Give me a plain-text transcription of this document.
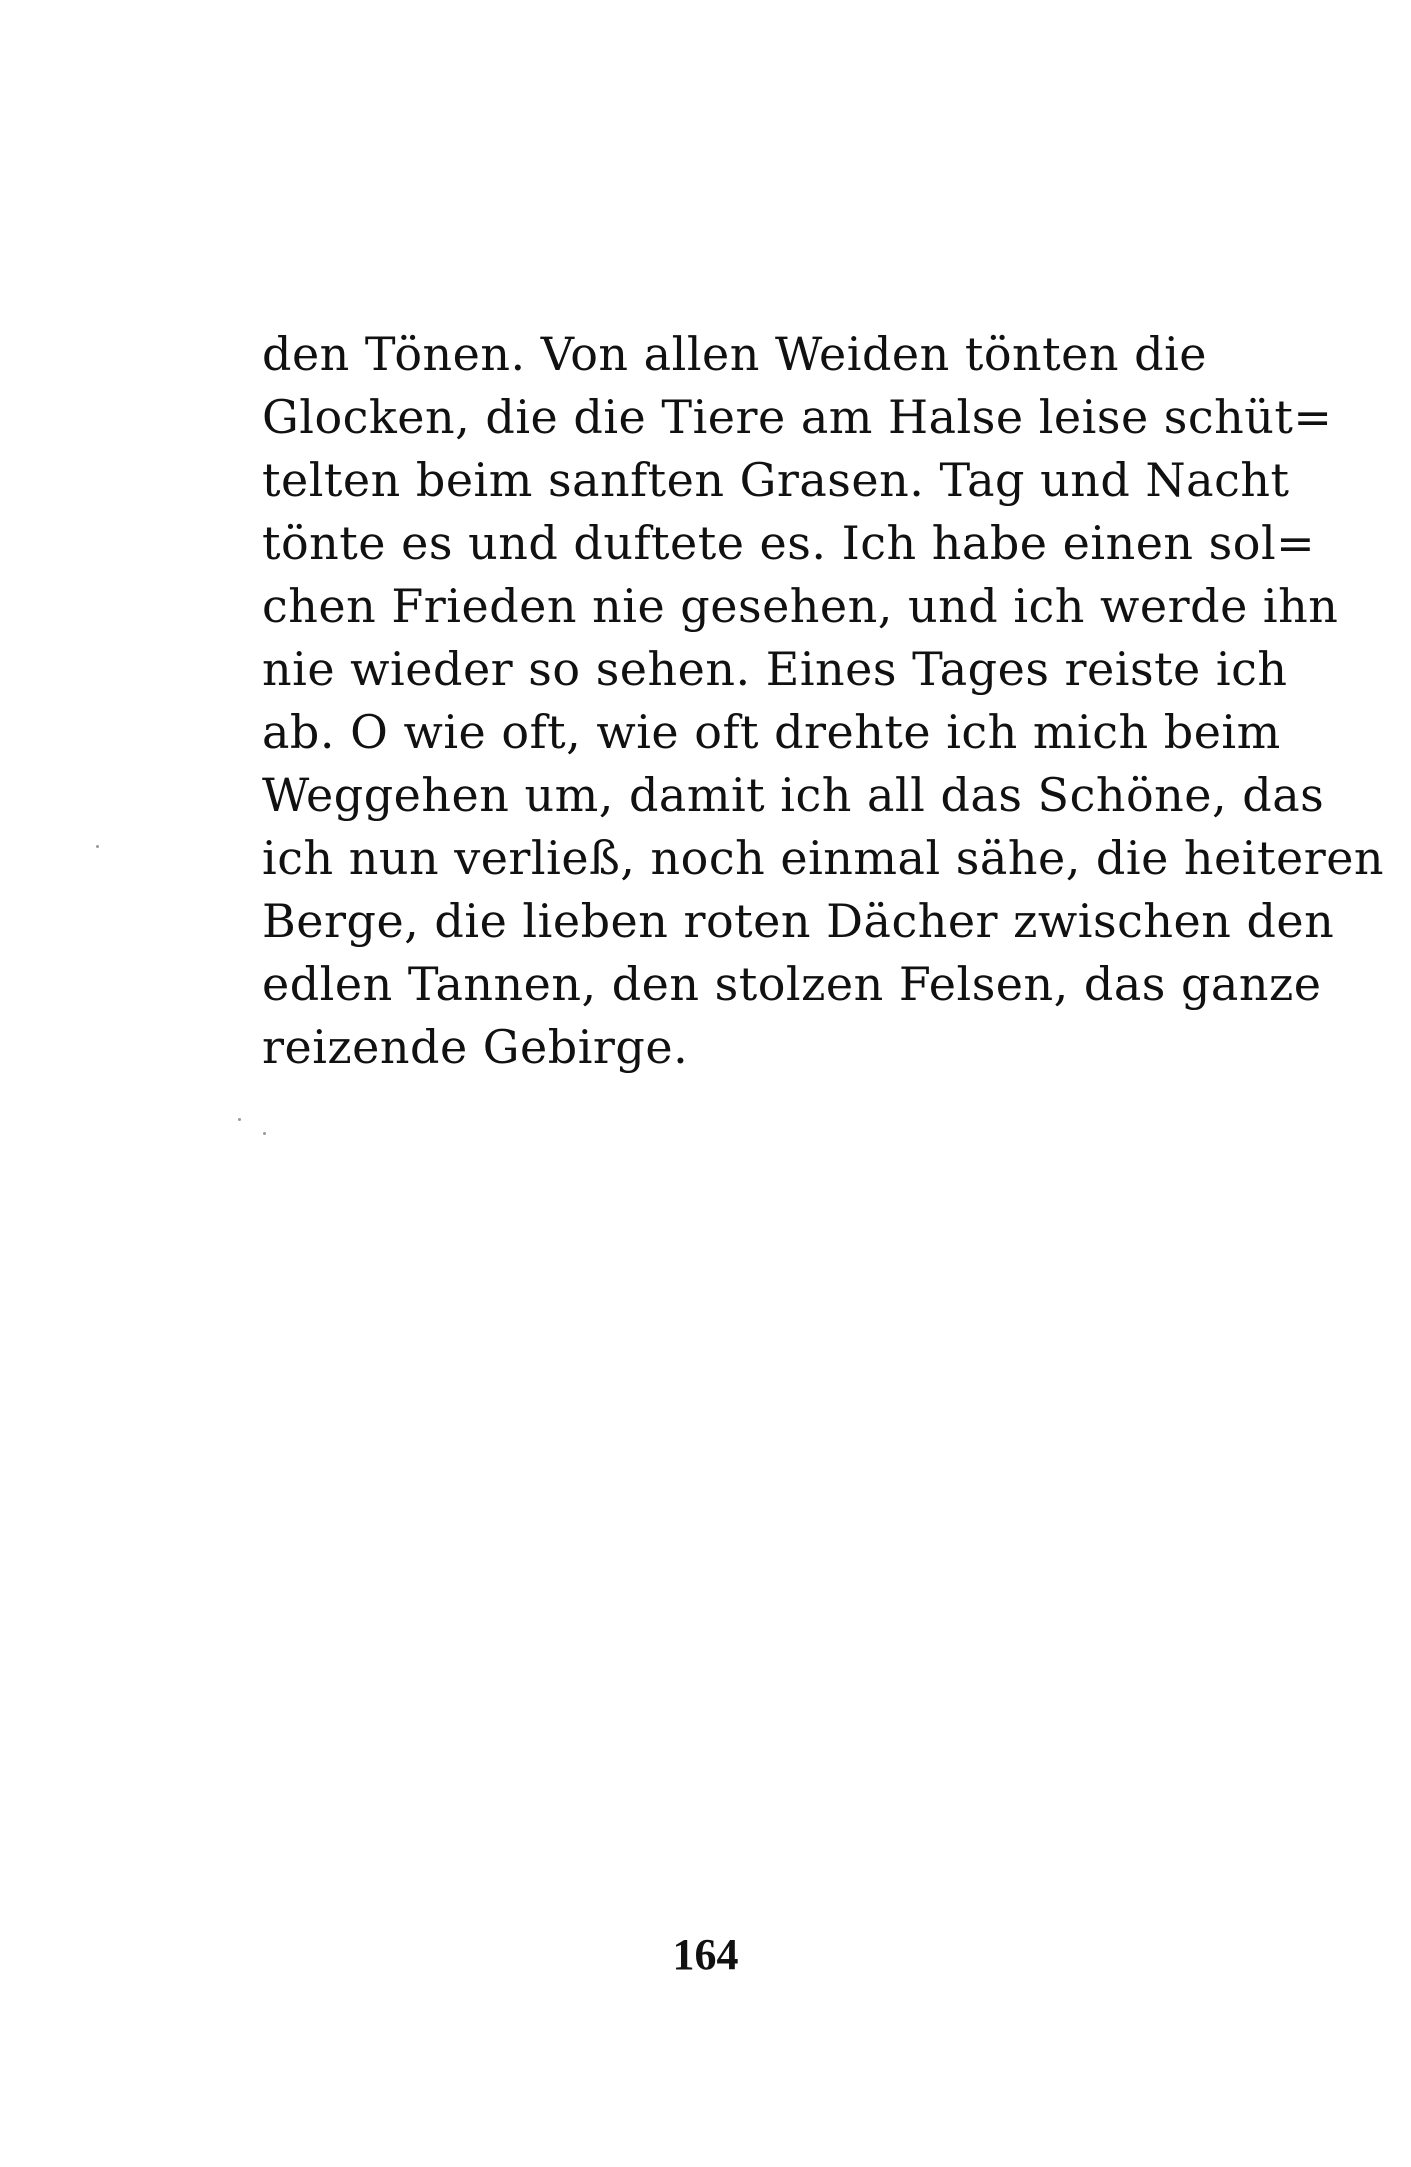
den Tönen. Von allen Weiden tönten die
Glocken, die die Tiere am Halse leise schüt=
telten beim sanften Grasen. Tag und Nacht
tönte es und duftete es. Ich habe einen sol=
chen Frieden nie gesehen, und ich werde ihn
nie wieder so sehen. Eines Tages reiste ich
ab. O wie oft, wie oft drehte ich mich beim
Weggehen um, damit ich all das Schöne, das
ich nun verließ, noch einmal sähe, die heiteren
Berge, die lieben roten Dächer zwischen den
edlen Tannen, den stolzen Felsen, das ganze
reizende Gebirge.
164
